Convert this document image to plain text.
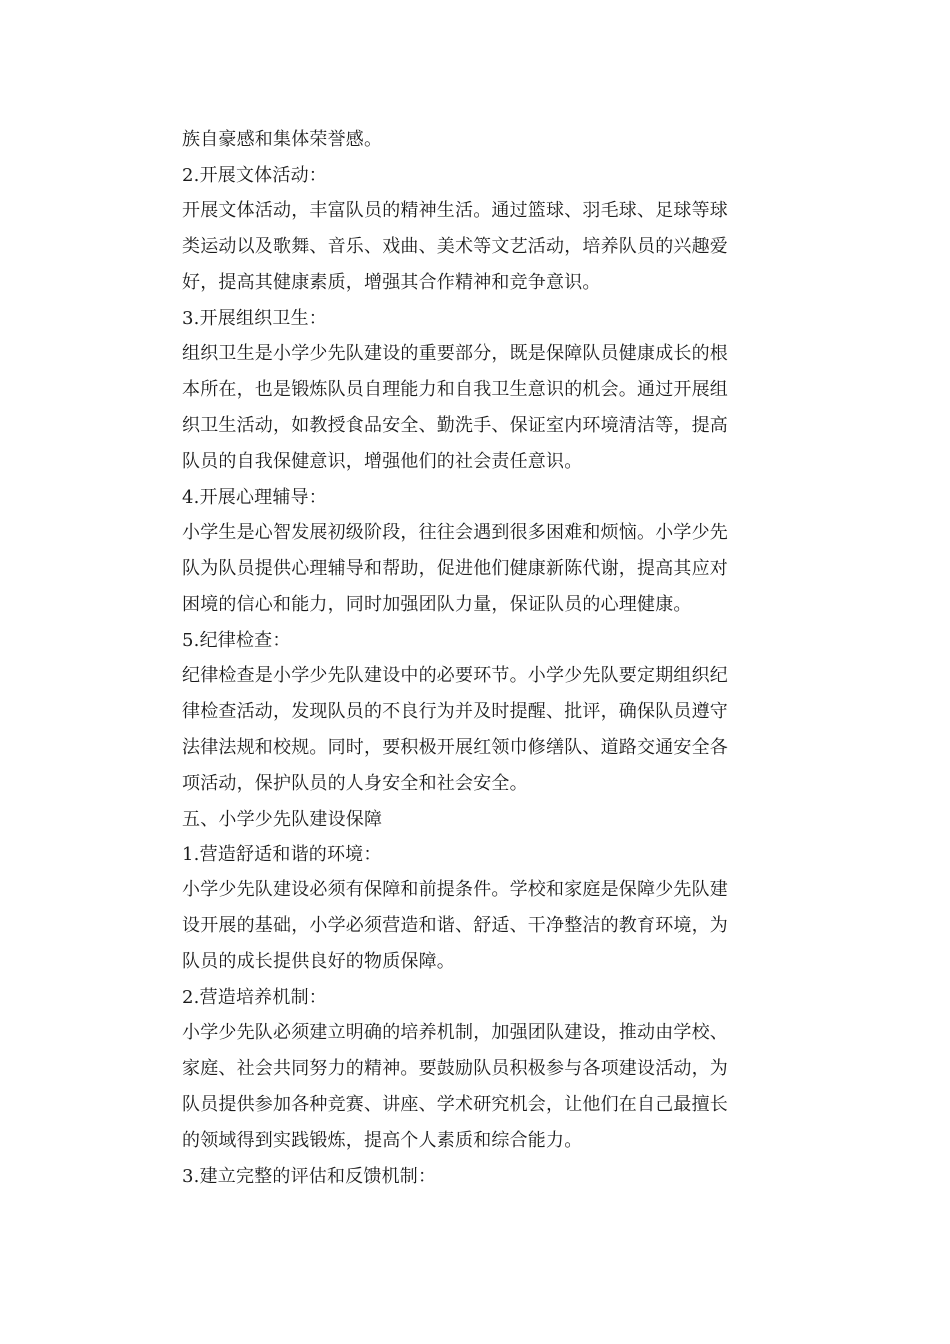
族自豪感和集体荣誉感。
2.开展文体活动：
开展文体活动，丰富队员的精神生活。通过篮球、羽毛球、足球等球
类运动以及歌舞、音乐、戏曲、美术等文艺活动，培养队员的兴趣爱
好，提高其健康素质，增强其合作精神和竞争意识。
3.开展组织卫生：
组织卫生是小学少先队建设的重要部分，既是保障队员健康成长的根
本所在，也是锻炼队员自理能力和自我卫生意识的机会。通过开展组
织卫生活动，如教授食品安全、勤洗手、保证室内环境清洁等，提高
队员的自我保健意识，增强他们的社会责任意识。
4.开展心理辅导：
小学生是心智发展初级阶段，往往会遇到很多困难和烦恼。小学少先
队为队员提供心理辅导和帮助，促进他们健康新陈代谢，提高其应对
困境的信心和能力，同时加强团队力量，保证队员的心理健康。
5.纪律检查：
纪律检查是小学少先队建设中的必要环节。小学少先队要定期组织纪
律检查活动，发现队员的不良行为并及时提醒、批评，确保队员遵守
法律法规和校规。同时，要积极开展红领巾修缮队、道路交通安全各
项活动，保护队员的人身安全和社会安全。
五、小学少先队建设保障
1.营造舒适和谐的环境：
小学少先队建设必须有保障和前提条件。学校和家庭是保障少先队建
设开展的基础，小学必须营造和谐、舒适、干净整洁的教育环境，为
队员的成长提供良好的物质保障。
2.营造培养机制：
小学少先队必须建立明确的培养机制，加强团队建设，推动由学校、
家庭、社会共同努力的精神。要鼓励队员积极参与各项建设活动，为
队员提供参加各种竞赛、讲座、学术研究机会，让他们在自己最擅长
的领域得到实践锻炼，提高个人素质和综合能力。
3.建立完整的评估和反馈机制：
